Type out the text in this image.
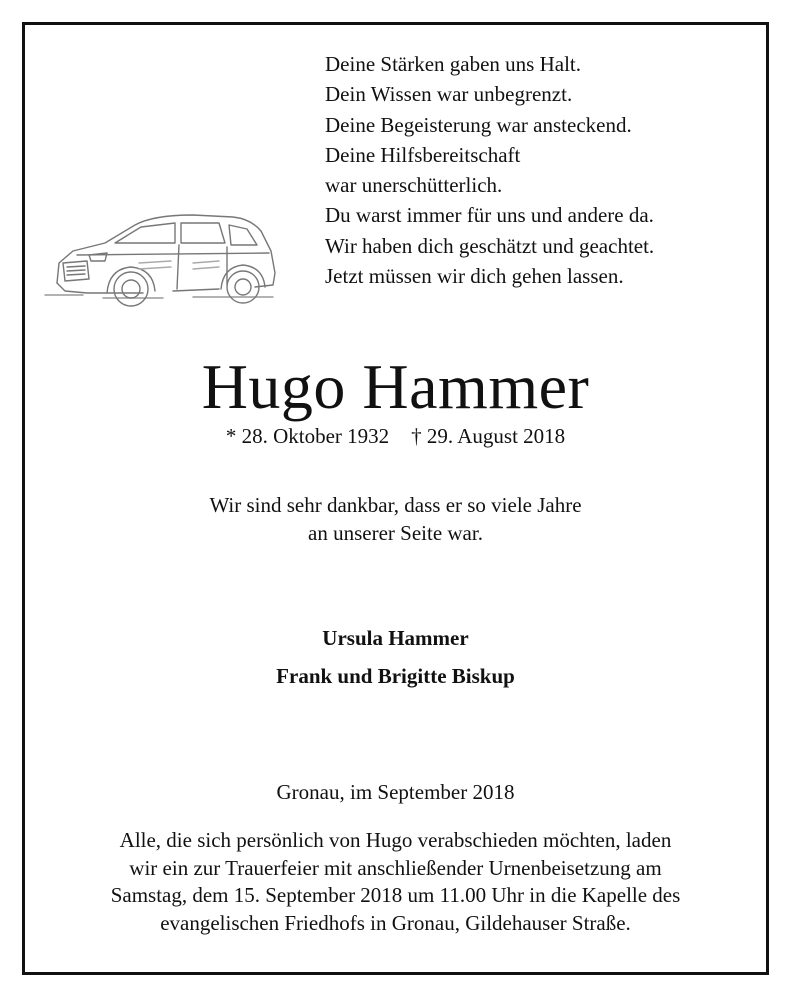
Deine Stärken gaben uns Halt.
Dein Wissen war unbegrenzt.
Deine Begeisterung war ansteckend.
Deine Hilfsbereitschaft
war unerschütterlich.
Du warst immer für uns und andere da.
Wir haben dich geschätzt und geachtet.
Jetzt müssen wir dich gehen lassen.
Hugo Hammer
* 28. Oktober 1932 † 29. August 2018
Wir sind sehr dankbar, dass er so viele Jahre
an unserer Seite war.
Ursula Hammer
Frank und Brigitte Biskup
Gronau, im September 2018
Alle, die sich persönlich von Hugo verabschieden möchten, laden
wir ein zur Trauerfeier mit anschließender Urnenbeisetzung am
Samstag, dem 15. September 2018 um 11.00 Uhr in die Kapelle des
evangelischen Friedhofs in Gronau, Gildehauser Straße.
